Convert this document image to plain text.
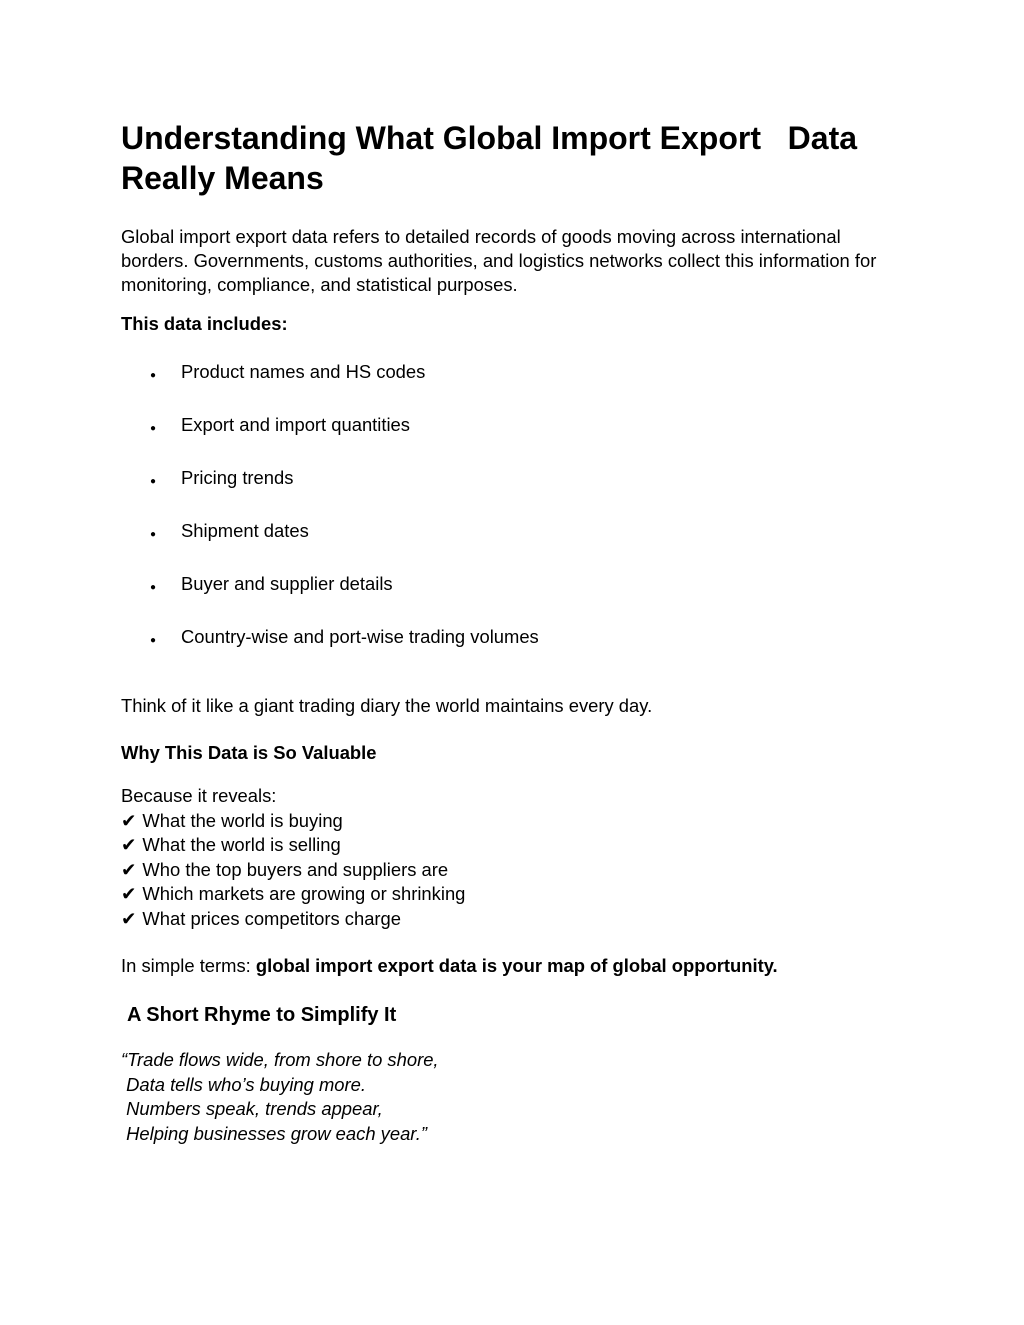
Understanding What Global Import Export   Data
Really Means
Global import export data refers to detailed records of goods moving across international
borders. Governments, customs authorities, and logistics networks collect this information for
monitoring, compliance, and statistical purposes.
This data includes:
●	Product names and HS codes
●	Export and import quantities
●	Pricing trends
●	Shipment dates
●	Buyer and supplier details
●	Country-wise and port-wise trading volumes
Think of it like a giant trading diary the world maintains every day.
Why This Data is So Valuable
Because it reveals:
✔ What the world is buying
✔ What the world is selling
✔ Who the top buyers and suppliers are
✔ Which markets are growing or shrinking
✔ What prices competitors charge
In simple terms: global import export data is your map of global opportunity.
A Short Rhyme to Simplify It
“Trade flows wide, from shore to shore,
Data tells who’s buying more.
Numbers speak, trends appear,
Helping businesses grow each year.”
